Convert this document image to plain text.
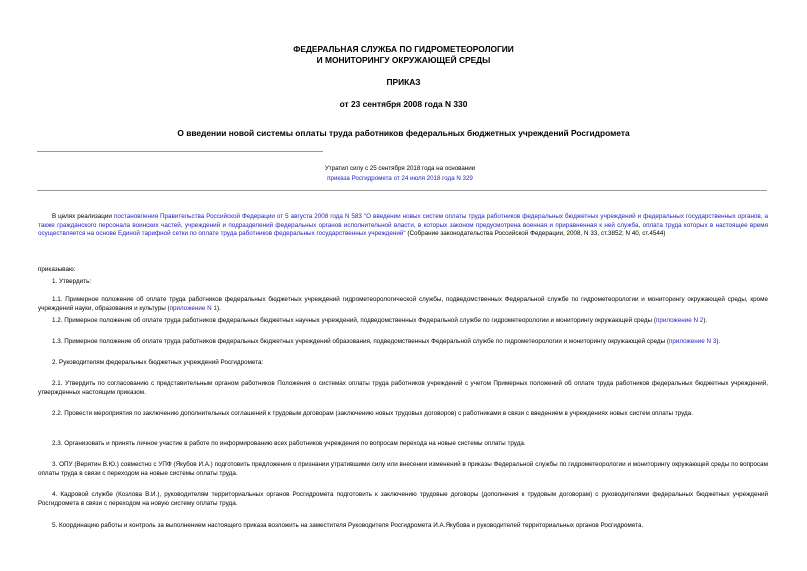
ФЕДЕРАЛЬНАЯ СЛУЖБА ПО ГИДРОМЕТЕОРОЛОГИИ
И МОНИТОРИНГУ ОКРУЖАЮЩЕЙ СРЕДЫ
ПРИКАЗ
от 23 сентября 2008 года N 330
О введении новой системы оплаты труда работников федеральных бюджетных учреждений Росгидромета
Утратил силу с 25 сентября 2018 года на основании
приказа Росгидромета от 24 июля 2018 года N 329
В целях реализации постановления Правительства Российской Федерации от 5 августа 2008 года N 583 "О введении новых систем оплаты труда работников федеральных бюджетных учреждений и федеральных государственных органов, а также гражданского персонала воинских частей, учреждений и подразделений федеральных органов исполнительной власти, в которых законом предусмотрена военная и приравненная к ней служба, оплата труда которых в настоящее время осуществляется на основе Единой тарифной сетки по оплате труда работников федеральных государственных учреждений" (Собрание законодательства Российской Федерации, 2008, N 33, ст.3852; N 40, ст.4544)
приказываю:
1. Утвердить:
1.1. Примерное положение об оплате труда работников федеральных бюджетных учреждений гидрометеорологической службы, подведомственных Федеральной службе по гидрометеорологии и мониторингу окружающей среды, кроме учреждений науки, образования и культуры (приложение N 1).
1.2. Примерное положение об оплате труда работников федеральных бюджетных научных учреждений, подведомственных Федеральной службе по гидрометеорологии и мониторингу окружающей среды (приложение N 2).
1.3. Примерное положение об оплате труда работников федеральных бюджетных учреждений образования, подведомственных Федеральной службе по гидрометеорологии и мониторингу окружающей среды (приложение N 3).
2. Руководителям федеральных бюджетных учреждений Росгидромета:
2.1. Утвердить по согласованию с представительным органом работников Положения о системах оплаты труда работников учреждений с учетом Примерных положений об оплате труда работников федеральных бюджетных учреждений, утвержденных настоящим приказом.
2.2. Провести мероприятия по заключению дополнительных соглашений к трудовым договорам (заключению новых трудовых договоров) с работниками в связи с введением в учреждениях новых систем оплаты труда.
2.3. Организовать и принять личное участие в работе по информированию всех работников учреждения по вопросам перехода на новые системы оплаты труда.
3. ОПУ (Верятин В.Ю.) совместно с УПФ (Якубов И.А.) подготовить предложения о признании утратившими силу или внесении изменений в приказы Федеральной службы по гидрометеорологии и мониторингу окружающей среды по вопросам оплаты труда в связи с переходом на новые системы оплаты труда.
4. Кадровой службе (Козлова В.И.), руководителям территориальных органов Росгидромета подготовить к заключению трудовые договоры (дополнения к трудовым договорам) с руководителями федеральных бюджетных учреждений Росгидромета в связи с переходом на новую систему оплаты труда.
5. Координацию работы и контроль за выполнением настоящего приказа возложить на заместителя Руководителя Росгидромета И.А.Якубова и руководителей территориальных органов Росгидромета.
